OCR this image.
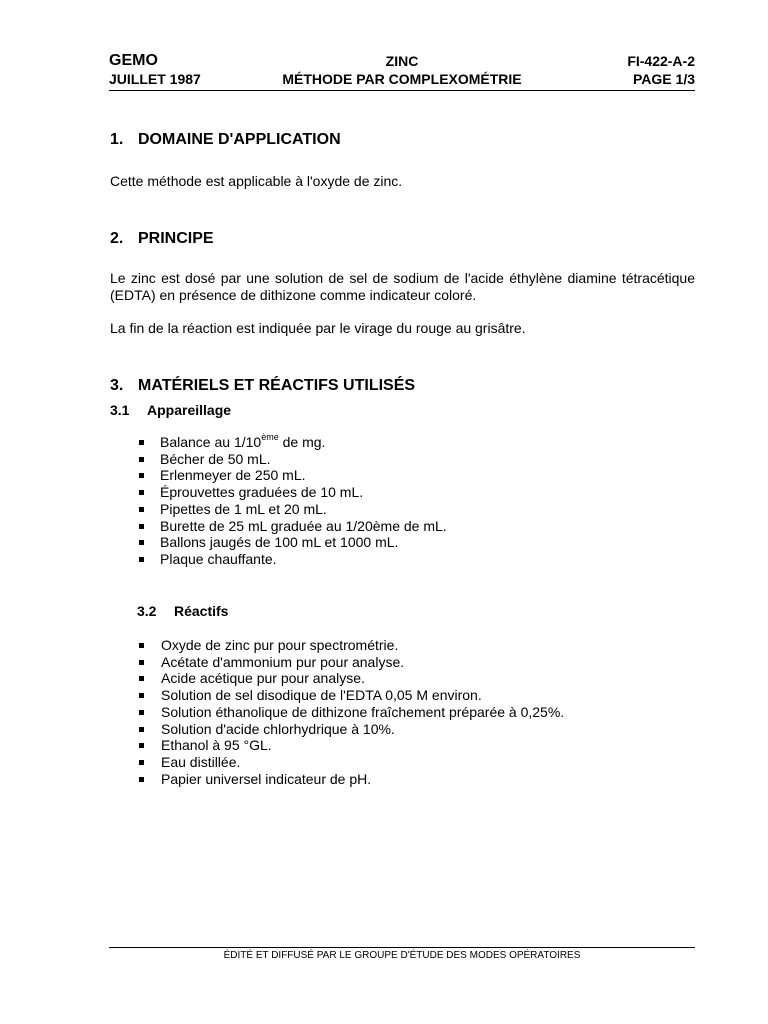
GEMO	ZINC	FI-422-A-2
JUILLET 1987	MÉTHODE PAR COMPLEXOMÉTRIE	PAGE 1/3
1. DOMAINE D'APPLICATION
Cette méthode est applicable à l'oxyde de zinc.
2. PRINCIPE
Le zinc est dosé par une solution de sel de sodium de l'acide éthylène diamine tétracétique (EDTA) en présence de dithizone comme indicateur coloré.
La fin de la réaction est indiquée par le virage du rouge au grisâtre.
3. MATÉRIELS ET RÉACTIFS UTILISÉS
3.1 Appareillage
Balance au 1/10ème de mg.
Bécher de 50 mL.
Erlenmeyer de 250 mL.
Éprouvettes graduées de 10 mL.
Pipettes de 1 mL et 20 mL.
Burette de 25 mL graduée au 1/20ème de mL.
Ballons jaugés de 100 mL et 1000 mL.
Plaque chauffante.
3.2 Réactifs
Oxyde de zinc pur pour spectrométrie.
Acétate d'ammonium pur pour analyse.
Acide acétique pur pour analyse.
Solution de sel disodique de l'EDTA 0,05 M environ.
Solution éthanolique de dithizone fraîchement préparée à 0,25%.
Solution d'acide chlorhydrique à 10%.
Ethanol à 95 °GL.
Eau distillée.
Papier universel indicateur de pH.
ÉDITÉ ET DIFFUSÉ PAR LE GROUPE D'ÉTUDE DES MODES OPÉRATOIRES
